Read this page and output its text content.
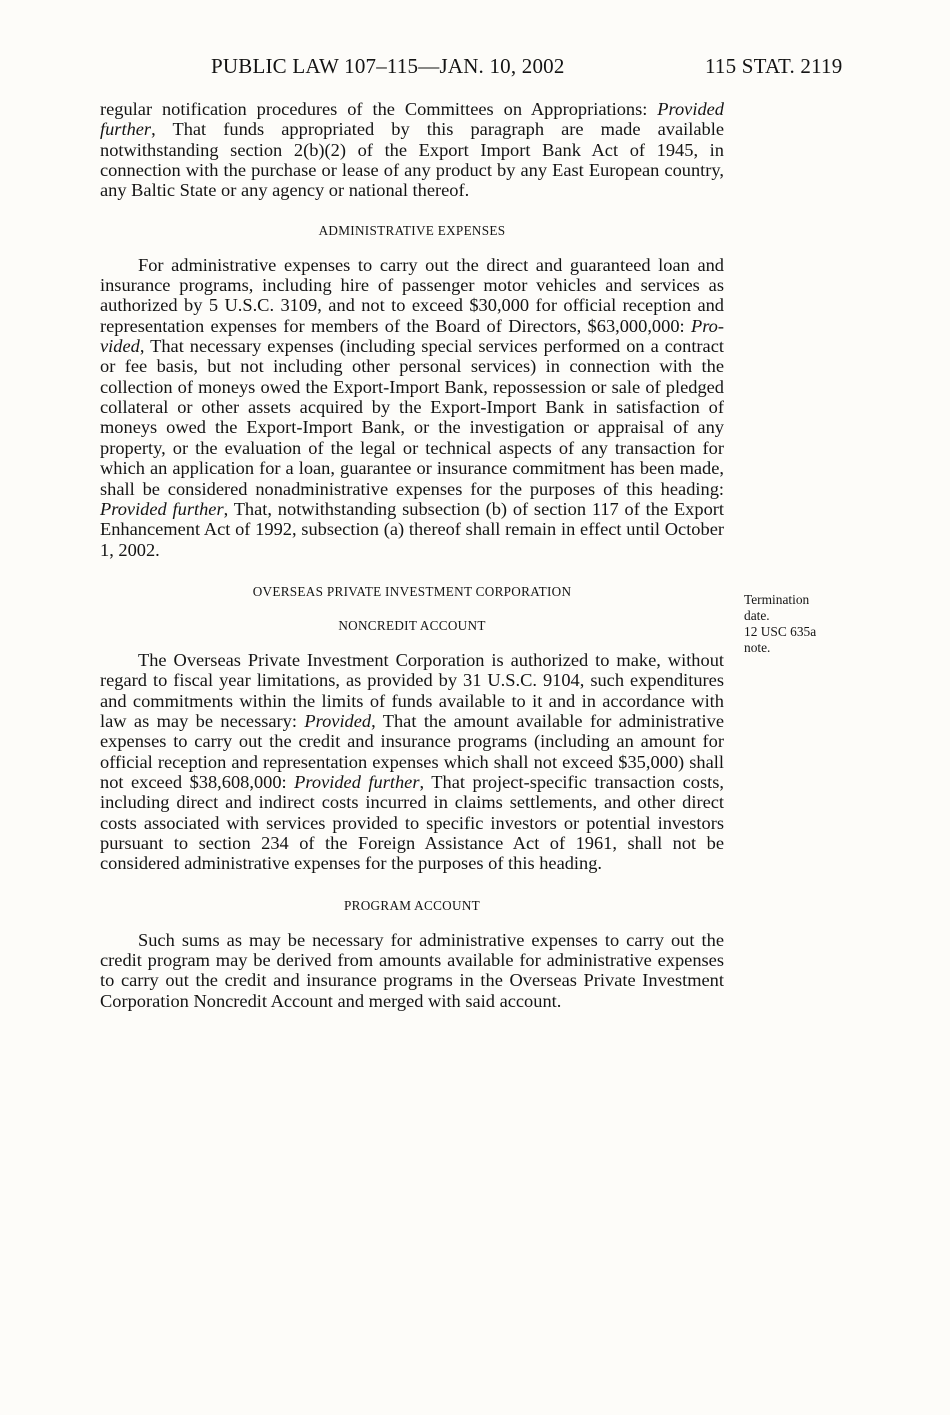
PUBLIC LAW 107–115—JAN. 10, 2002	115 STAT. 2119

regular notification procedures of the Committees on Appropriations: Provided further, That funds appropriated by this paragraph are made available notwithstanding section 2(b)(2) of the Export Import Bank Act of 1945, in connection with the purchase or lease of any product by any East European country, any Baltic State or any agency or national thereof.

ADMINISTRATIVE EXPENSES

For administrative expenses to carry out the direct and guaranteed loan and insurance programs, including hire of passenger motor vehicles and services as authorized by 5 U.S.C. 3109, and not to exceed $30,000 for official reception and representation expenses for members of the Board of Directors, $63,000,000: Provided, That necessary expenses (including special services performed on a contract or fee basis, but not including other personal services) in connection with the collection of moneys owed the Export-Import Bank, repossession or sale of pledged collateral or other assets acquired by the Export-Import Bank in satisfaction of moneys owed the Export-Import Bank, or the investigation or appraisal of any property, or the evaluation of the legal or technical aspects of any transaction for which an application for a loan, guarantee or insurance commitment has been made, shall be considered nonadministrative expenses for the purposes of this heading: Provided further, That, notwithstanding subsection (b) of section 117 of the Export Enhancement Act of 1992, subsection (a) thereof shall remain in effect until October 1, 2002.

OVERSEAS PRIVATE INVESTMENT CORPORATION
NONCREDIT ACCOUNT

The Overseas Private Investment Corporation is authorized to make, without regard to fiscal year limitations, as provided by 31 U.S.C. 9104, such expenditures and commitments within the limits of funds available to it and in accordance with law as may be necessary: Provided, That the amount available for administrative expenses to carry out the credit and insurance programs (including an amount for official reception and representation expenses which shall not exceed $35,000) shall not exceed $38,608,000: Provided further, That project-specific transaction costs, including direct and indirect costs incurred in claims settlements, and other direct costs associated with services provided to specific investors or potential investors pursuant to section 234 of the Foreign Assistance Act of 1961, shall not be considered administrative expenses for the purposes of this heading.

PROGRAM ACCOUNT

Such sums as may be necessary for administrative expenses to carry out the credit program may be derived from amounts available for administrative expenses to carry out the credit and insurance programs in the Overseas Private Investment Corporation Noncredit Account and merged with said account.

Termination
date.
12 USC 635a
note.
